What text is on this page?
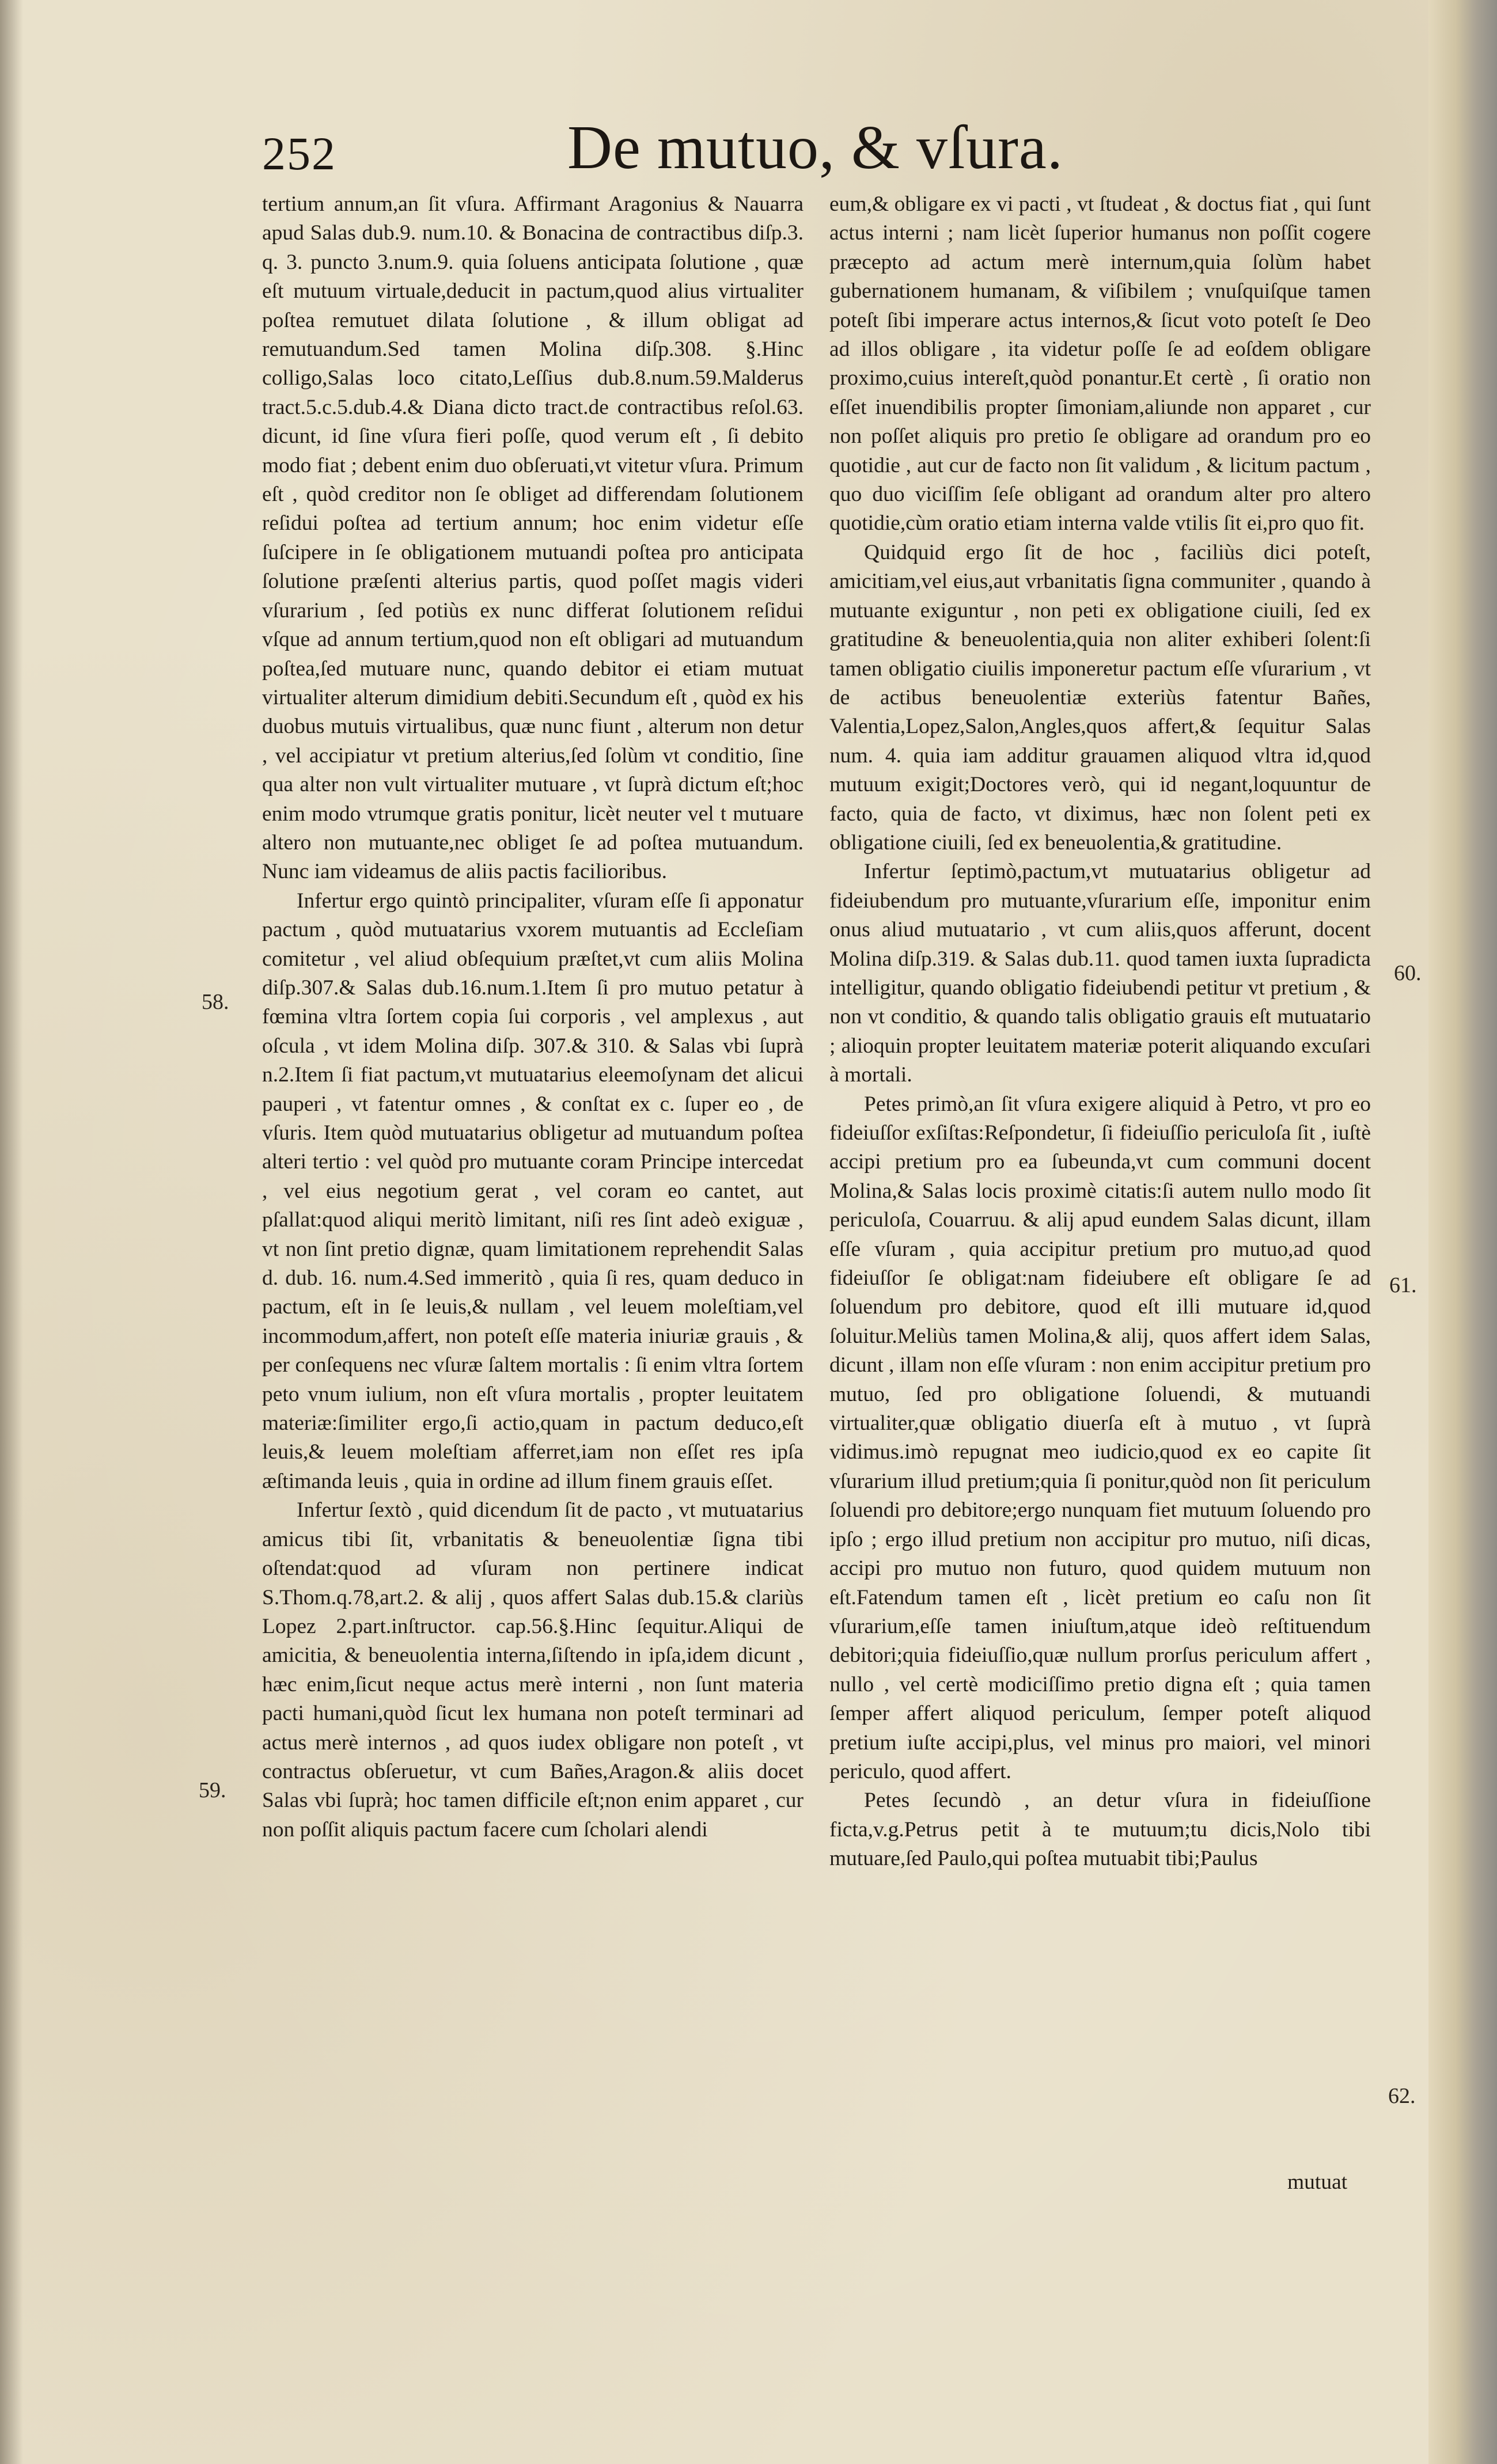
252	De mutuo, & vſura.

tertium annum,an ſit vſura. Affirmant Aragonius & Nauarra apud Salas dub.9. num.10. & Bonacina de contractibus diſp.3. q. 3. puncto 3.num.9. quia ſoluens anticipata ſolutione , quæ eſt mutuum virtuale,deducit in pactum,quod alius virtualiter poſtea remutuet dilata ſolutione , & illum obligat ad remutuandum.Sed tamen Molina diſp.308. §.Hinc colligo,Salas loco citato,Leſſius dub.8.num.59.Malderus tract.5.c.5.dub.4.& Diana dicto tract.de contractibus reſol.63. dicunt, id ſine vſura fieri poſſe, quod verum eſt , ſi debito modo fiat ; debent enim duo obſeruati,vt vitetur vſura. Primum eſt , quòd creditor non ſe obliget ad differendam ſolutionem reſidui poſtea ad tertium annum; hoc enim videtur eſſe ſuſcipere in ſe obligationem mutuandi poſtea pro anticipata ſolutione præſenti alterius partis, quod poſſet magis videri vſurarium , ſed potiùs ex nunc differat ſolutionem reſidui vſque ad annum tertium,quod non eſt obligari ad mutuandum poſtea,ſed mutuare nunc, quando debitor ei etiam mutuat virtualiter alterum dimidium debiti.Secundum eſt , quòd ex his duobus mutuis virtualibus, quæ nunc fiunt , alterum non detur , vel accipiatur vt pretium alterius,ſed ſolùm vt conditio, ſine qua alter non vult virtualiter mutuare , vt ſuprà dictum eſt;hoc enim modo vtrumque gratis ponitur, licèt neuter vel t mutuare altero non mutuante,nec obliget ſe ad poſtea mutuandum. Nunc iam videamus de aliis pactis facilioribus.

Infertur ergo quintò principaliter, vſuram eſſe ſi apponatur pactum , quòd mutuatarius vxorem mutuantis ad Eccleſiam comitetur , vel aliud obſequium præſtet,vt cum aliis Molina diſp.307.& Salas dub.16.num.1.Item ſi pro mutuo petatur à fœmina vltra ſortem copia ſui corporis , vel amplexus , aut oſcula , vt idem Molina diſp. 307.& 310. & Salas vbi ſuprà n.2.Item ſi fiat pactum,vt mutuatarius eleemoſynam det alicui pauperi , vt fatentur omnes , & conſtat ex c. ſuper eo , de vſuris. Item quòd mutuatarius obligetur ad mutuandum poſtea alteri tertio : vel quòd pro mutuante coram Principe intercedat , vel eius negotium gerat , vel coram eo cantet, aut pſallat:quod aliqui meritò limitant, niſi res ſint adeò exiguæ , vt non ſint pretio dignæ, quam limitationem reprehendit Salas d. dub. 16. num.4.Sed immeritò , quia ſi res, quam deduco in pactum, eſt in ſe leuis,& nullam , vel leuem moleſtiam,vel incommodum,affert, non poteſt eſſe materia iniuriæ grauis , & per conſequens nec vſuræ ſaltem mortalis : ſi enim vltra ſortem peto vnum iulium, non eſt vſura mortalis , propter leuitatem materiæ:ſimiliter ergo,ſi actio,quam in pactum deduco,eſt leuis,& leuem moleſtiam afferret,iam non eſſet res ipſa æſtimanda leuis , quia in ordine ad illum finem grauis eſſet.

Infertur ſextò , quid dicendum ſit de pacto , vt mutuatarius amicus tibi ſit, vrbanitatis & beneuolentiæ ſigna tibi oſtendat:quod ad vſuram non pertinere indicat S.Thom.q.78,art.2. & alij , quos affert Salas dub.15.& clariùs Lopez 2.part.inſtructor. cap.56.§.Hinc ſequitur.Aliqui de amicitia, & beneuolentia interna,ſiſtendo in ipſa,idem dicunt , hæc enim,ſicut neque actus merè interni , non ſunt materia pacti humani,quòd ſicut lex humana non poteſt terminari ad actus merè internos , ad quos iudex obligare non poteſt , vt contractus obſeruetur, vt cum Bañes,Aragon.& aliis docet Salas vbi ſuprà; hoc tamen difficile eſt;non enim apparet , cur non poſſit aliquis pactum facere cum ſcholari alendi

eum,& obligare ex vi pacti , vt ſtudeat , & doctus fiat , qui ſunt actus interni ; nam licèt ſuperior humanus non poſſit cogere præcepto ad actum merè internum,quia ſolùm habet gubernationem humanam, & viſibilem ; vnuſquiſque tamen poteſt ſibi imperare actus internos,& ſicut voto poteſt ſe Deo ad illos obligare , ita videtur poſſe ſe ad eoſdem obligare proximo,cuius intereſt,quòd ponantur.Et certè , ſi oratio non eſſet inuendibilis propter ſimoniam,aliunde non apparet , cur non poſſet aliquis pro pretio ſe obligare ad orandum pro eo quotidie , aut cur de facto non ſit validum , & licitum pactum , quo duo viciſſim ſeſe obligant ad orandum alter pro altero quotidie,cùm oratio etiam interna valde vtilis ſit ei,pro quo fit.

Quidquid ergo ſit de hoc , faciliùs dici poteſt, amicitiam,vel eius,aut vrbanitatis ſigna communiter , quando à mutuante exiguntur , non peti ex obligatione ciuili, ſed ex gratitudine & beneuolentia,quia non aliter exhiberi ſolent:ſi tamen obligatio ciuilis imponeretur pactum eſſe vſurarium , vt de actibus beneuolentiæ exteriùs fatentur Bañes, Valentia,Lopez,Salon,Angles,quos affert,& ſequitur Salas num. 4. quia iam additur grauamen aliquod vltra id,quod mutuum exigit;Doctores verò, qui id negant,loquuntur de facto, quia de facto, vt diximus, hæc non ſolent peti ex obligatione ciuili, ſed ex beneuolentia,& gratitudine.

Infertur ſeptimò,pactum,vt mutuatarius obligetur ad fideiubendum pro mutuante,vſurarium eſſe, imponitur enim onus aliud mutuatario , vt cum aliis,quos afferunt, docent Molina diſp.319. & Salas dub.11. quod tamen iuxta ſupradicta intelligitur, quando obligatio fideiubendi petitur vt pretium , & non vt conditio, & quando talis obligatio grauis eſt mutuatario ; alioquin propter leuitatem materiæ poterit aliquando excuſari à mortali.

Petes primò,an ſit vſura exigere aliquid à Petro, vt pro eo fideiuſſor exſiſtas:Reſpondetur, ſi fideiuſſio periculoſa ſit , iuſtè accipi pretium pro ea ſubeunda,vt cum communi docent Molina,& Salas locis proximè citatis:ſi autem nullo modo ſit periculoſa, Couarruu. & alij apud eundem Salas dicunt, illam eſſe vſuram , quia accipitur pretium pro mutuo,ad quod fideiuſſor ſe obligat:nam fideiubere eſt obligare ſe ad ſoluendum pro debitore, quod eſt illi mutuare id,quod ſoluitur.Meliùs tamen Molina,& alij, quos affert idem Salas, dicunt , illam non eſſe vſuram : non enim accipitur pretium pro mutuo, ſed pro obligatione ſoluendi, & mutuandi virtualiter,quæ obligatio diuerſa eſt à mutuo , vt ſuprà vidimus.imò repugnat meo iudicio,quod ex eo capite ſit vſurarium illud pretium;quia ſi ponitur,quòd non ſit periculum ſoluendi pro debitore;ergo nunquam fiet mutuum ſoluendo pro ipſo ; ergo illud pretium non accipitur pro mutuo, niſi dicas, accipi pro mutuo non futuro, quod quidem mutuum non eſt.Fatendum tamen eſt , licèt pretium eo caſu non ſit vſurarium,eſſe tamen iniuſtum,atque ideò reſtituendum debitori;quia fideiuſſio,quæ nullum prorſus periculum affert , nullo , vel certè modiciſſimo pretio digna eſt ; quia tamen ſemper affert aliquod periculum, ſemper poteſt aliquod pretium iuſte accipi,plus, vel minus pro maiori, vel minori periculo, quod affert.

Petes ſecundò , an detur vſura in fideiuſſione ficta,v.g.Petrus petit à te mutuum;tu dicis,Nolo tibi mutuare,ſed Paulo,qui poſtea mutuabit tibi;Paulus

58.
59.
60.
61.
62.
mutuat
